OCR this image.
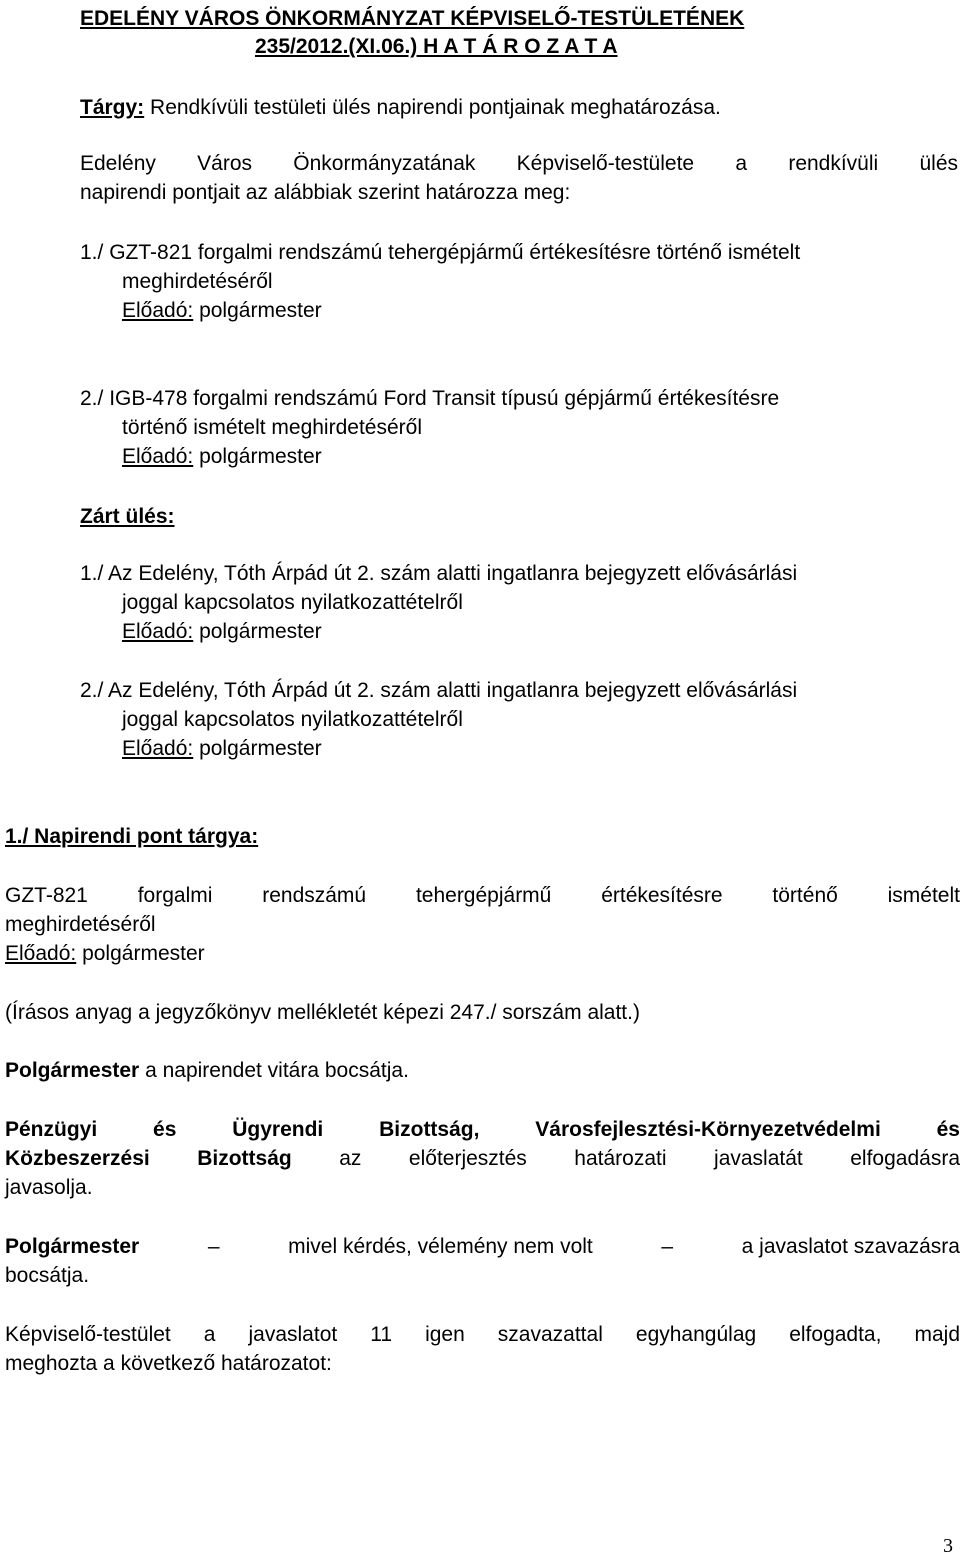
EDELÉNY VÁROS ÖNKORMÁNYZAT KÉPVISELŐ-TESTÜLETÉNEK
235/2012.(XI.06.) H A T Á R O Z A T A
Tárgy: Rendkívüli testületi ülés napirendi pontjainak meghatározása.
Edelény Város Önkormányzatának Képviselő-testülete a rendkívüli ülés
napirendi pontjait az alábbiak szerint határozza meg:
1./ GZT-821 forgalmi rendszámú tehergépjármű értékesítésre történő ismételt
meghirdetéséről
Előadó: polgármester
2./ IGB-478 forgalmi rendszámú Ford Transit típusú gépjármű értékesítésre
történő ismételt meghirdetéséről
Előadó: polgármester
Zárt ülés:
1./ Az Edelény, Tóth Árpád út 2. szám alatti ingatlanra bejegyzett elővásárlási
joggal kapcsolatos nyilatkozattételről
Előadó: polgármester
2./ Az Edelény, Tóth Árpád út 2. szám alatti ingatlanra bejegyzett elővásárlási
joggal kapcsolatos nyilatkozattételről
Előadó: polgármester
1./ Napirendi pont tárgya:
GZT-821 forgalmi rendszámú tehergépjármű értékesítésre történő ismételt
meghirdetéséről
Előadó: polgármester
(Írásos anyag a jegyzőkönyv mellékletét képezi 247./ sorszám alatt.)
Polgármester a napirendet vitára bocsátja.
Pénzügyi és Ügyrendi Bizottság, Városfejlesztési-Környezetvédelmi és
Közbeszerzési Bizottság az előterjesztés határozati javaslatát elfogadásra
javasolja.
Polgármester	–	mivel kérdés, vélemény nem volt	–	a javaslatot szavazásra
bocsátja.
Képviselő-testület a javaslatot 11 igen szavazattal egyhangúlag elfogadta, majd
meghozta a következő határozatot:
3
